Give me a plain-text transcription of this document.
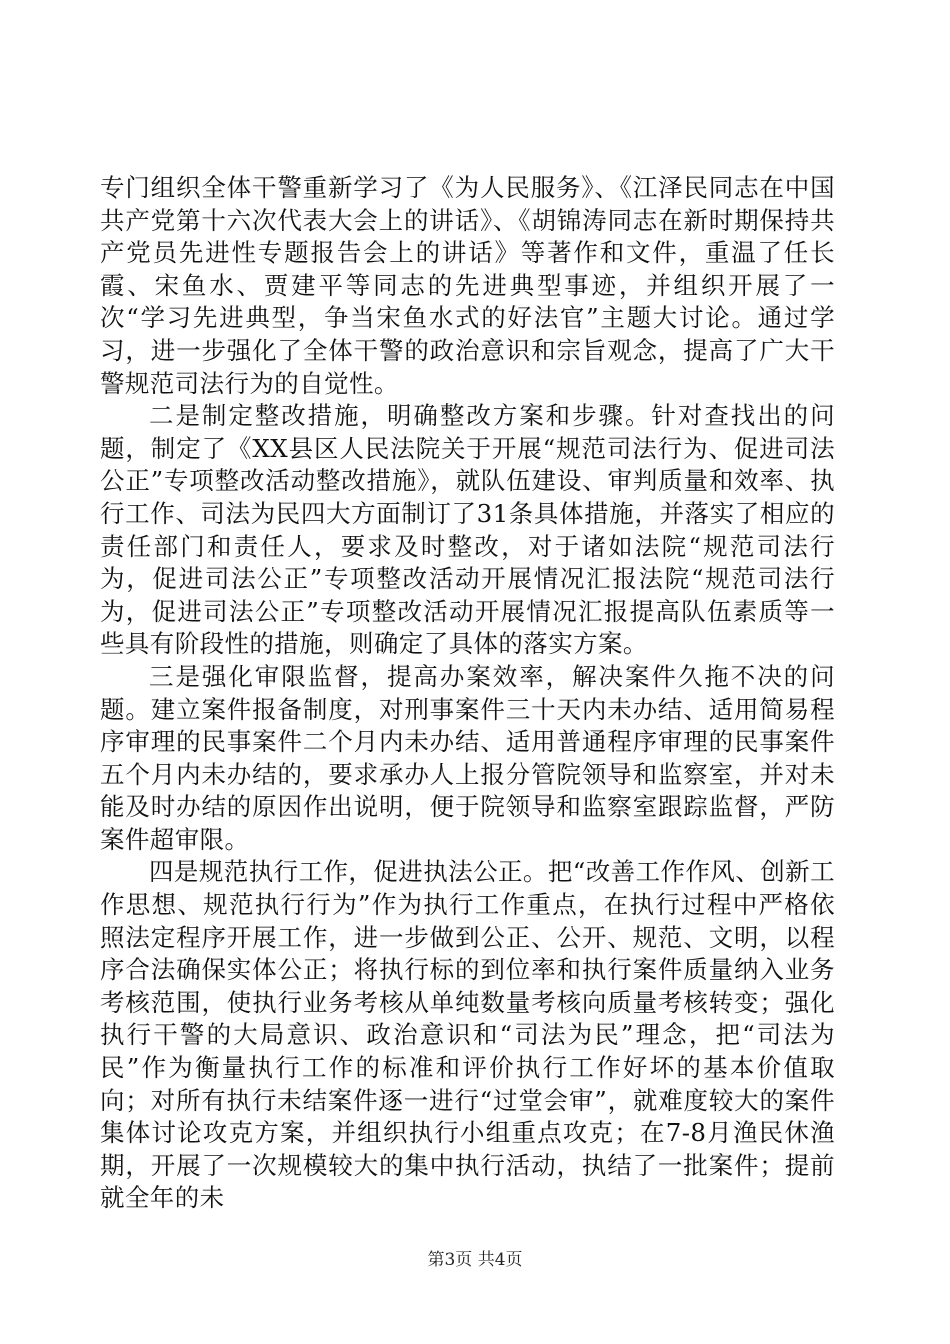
专门组织全体干警重新学习了《为人民服务》、《江泽民同志在中国共产党第十六次代表大会上的讲话》、《胡锦涛同志在新时期保持共产党员先进性专题报告会上的讲话》等著作和文件，重温了任长霞、宋鱼水、贾建平等同志的先进典型事迹，并组织开展了一次“学习先进典型，争当宋鱼水式的好法官”主题大讨论。通过学习，进一步强化了全体干警的政治意识和宗旨观念，提高了广大干警规范司法行为的自觉性。

二是制定整改措施，明确整改方案和步骤。针对查找出的问题，制定了《XX县区人民法院关于开展“规范司法行为、促进司法公正”专项整改活动整改措施》，就队伍建设、审判质量和效率、执行工作、司法为民四大方面制订了31条具体措施，并落实了相应的责任部门和责任人，要求及时整改，对于诸如法院“规范司法行为，促进司法公正”专项整改活动开展情况汇报法院“规范司法行为，促进司法公正”专项整改活动开展情况汇报提高队伍素质等一些具有阶段性的措施，则确定了具体的落实方案。

三是强化审限监督，提高办案效率，解决案件久拖不决的问题。建立案件报备制度，对刑事案件三十天内未办结、适用简易程序审理的民事案件二个月内未办结、适用普通程序审理的民事案件五个月内未办结的，要求承办人上报分管院领导和监察室，并对未能及时办结的原因作出说明，便于院领导和监察室跟踪监督，严防案件超审限。

四是规范执行工作，促进执法公正。把“改善工作作风、创新工作思想、规范执行行为”作为执行工作重点，在执行过程中严格依照法定程序开展工作，进一步做到公正、公开、规范、文明，以程序合法确保实体公正；将执行标的到位率和执行案件质量纳入业务考核范围，使执行业务考核从单纯数量考核向质量考核转变；强化执行干警的大局意识、政治意识和“司法为民”理念，把“司法为民”作为衡量执行工作的标准和评价执行工作好坏的基本价值取向；对所有执行未结案件逐一进行“过堂会审”，就难度较大的案件集体讨论攻克方案，并组织执行小组重点攻克；在7-8月渔民休渔期，开展了一次规模较大的集中执行活动，执结了一批案件；提前就全年的未

第3页 共4页
